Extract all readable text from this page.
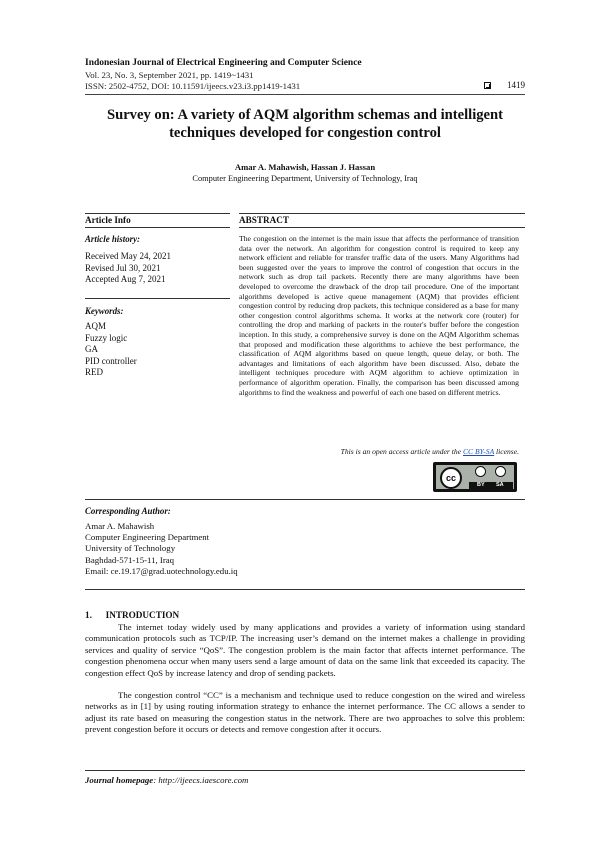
Indonesian Journal of Electrical Engineering and Computer Science
Vol. 23, No. 3, September 2021, pp. 1419~1431
ISSN: 2502-4752, DOI: 10.11591/ijeecs.v23.i3.pp1419-1431	1419
Survey on: A variety of AQM algorithm schemas and intelligent
techniques developed for congestion control
Amar A. Mahawish, Hassan J. Hassan
Computer Engineering Department, University of Technology, Iraq
Article Info	ABSTRACT
Article history:
Received May 24, 2021
Revised Jul 30, 2021
Accepted Aug 7, 2021
Keywords:
AQM
Fuzzy logic
GA
PID controller
RED
The congestion on the internet is the main issue that affects the performance of transition data over the network. An algorithm for congestion control is required to keep any network efficient and reliable for transfer traffic data of the users. Many Algorithms had been suggested over the years to improve the control of congestion that occurs in the network such as drop tail packets. Recently there are many algorithms have been developed to overcome the drawback of the drop tail procedure. One of the important algorithms developed is active queue management (AQM) that provides efficient congestion control by reducing drop packets, this technique considered as a base for many other congestion control algorithms schema. It works at the network core (router) for controlling the drop and marking of packets in the router's buffer before the congestion inception. In this study, a comprehensive survey is done on the AQM Algorithm schemas that proposed and modification these algorithms to achieve the best performance, the classification of AQM algorithms based on queue length, queue delay, or both. The advantages and limitations of each algorithm have been discussed. Also, debate the intelligent techniques procedure with AQM algorithm to achieve optimization in performance of algorithm operation. Finally, the comparison has been discussed among algorithms to find the weakness and powerful of each one based on different metrics.
This is an open access article under the CC BY-SA license.
cc
BY SA
Corresponding Author:
Amar A. Mahawish
Computer Engineering Department
University of Technology
Baghdad-571-15-11, Iraq
Email: ce.19.17@grad.uotechnology.edu.iq
1.      INTRODUCTION
The internet today widely used by many applications and provides a variety of information using standard communication protocols such as TCP/IP. The increasing user’s demand on the internet makes a challenge in providing services and quality of service “QoS”. The congestion problem is the main factor that affects internet performance. The congestion phenomena occur when many users send a large amount of data on the same link that exceeded its capacity. The congestion effect QoS by increase latency and drop of sending packets.
The congestion control “CC” is a mechanism and technique used to reduce congestion on the wired and wireless networks as in [1] by using routing information strategy to enhance the internet performance. The CC allows a sender to adjust its rate based on measuring the congestion status in the network. There are two approaches to solve this problem: prevent congestion before it occurs or detects and remove congestion after it occurs.
Journal homepage: http://ijeecs.iaescore.com
